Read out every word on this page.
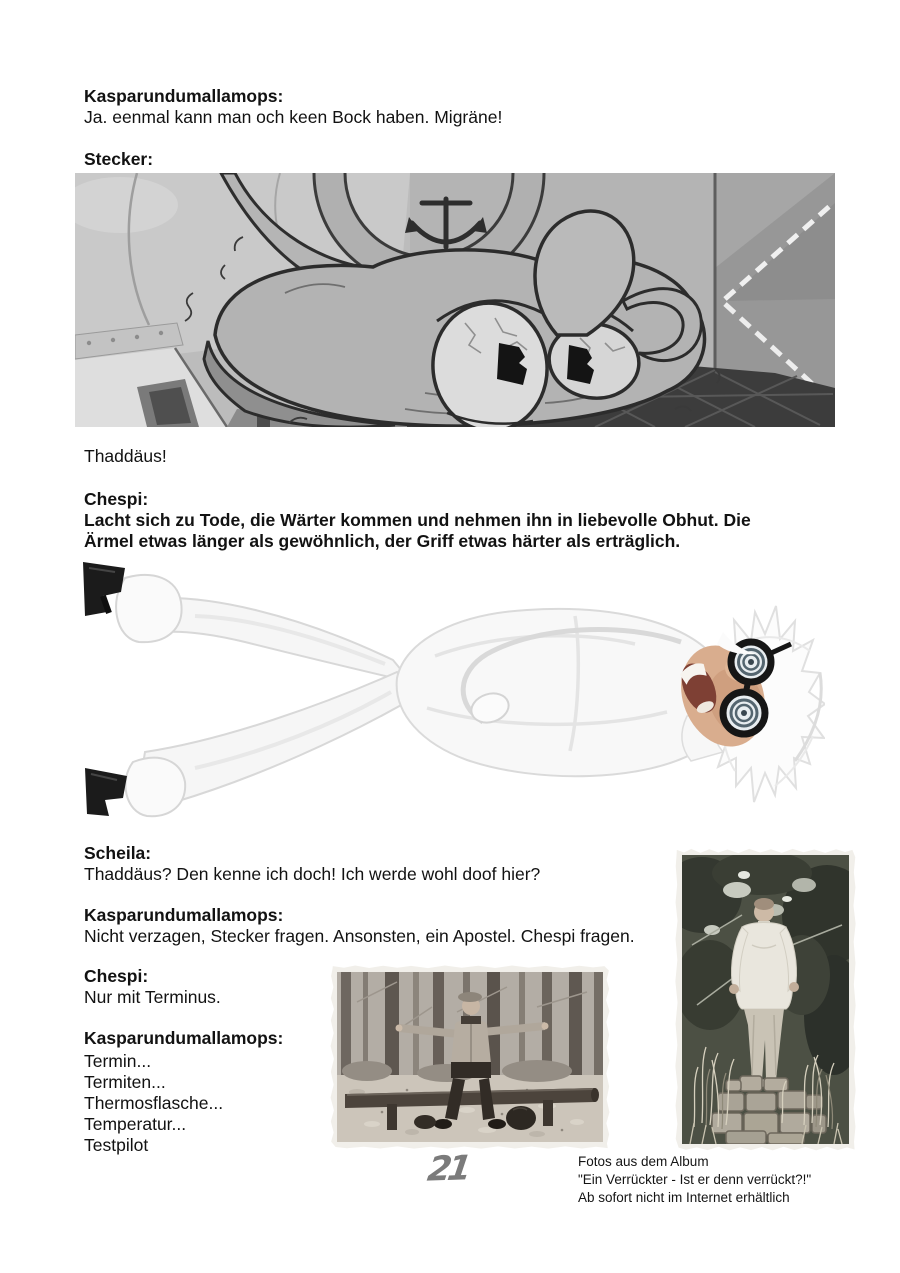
Kasparundumallamops:
Ja. eenmal kann man och keen Bock haben. Migräne!
Stecker:
Thaddäus!
Chespi:
Lacht sich zu Tode, die Wärter kommen und nehmen ihn in liebevolle Obhut. Die
Ärmel etwas länger als gewöhnlich, der Griff etwas härter als erträglich.
Scheila:
Thaddäus? Den kenne ich doch! Ich werde wohl doof hier?
Kasparundumallamops:
Nicht verzagen, Stecker fragen. Ansonsten, ein Apostel. Chespi fragen.
Chespi:
Nur mit Terminus.
Kasparundumallamops:
Termin...
Termiten...
Thermosflasche...
Temperatur...
Testpilot
21	Fotos aus dem Album
"Ein Verrückter - Ist er denn verrückt?!"
Ab sofort nicht im Internet erhältlich
